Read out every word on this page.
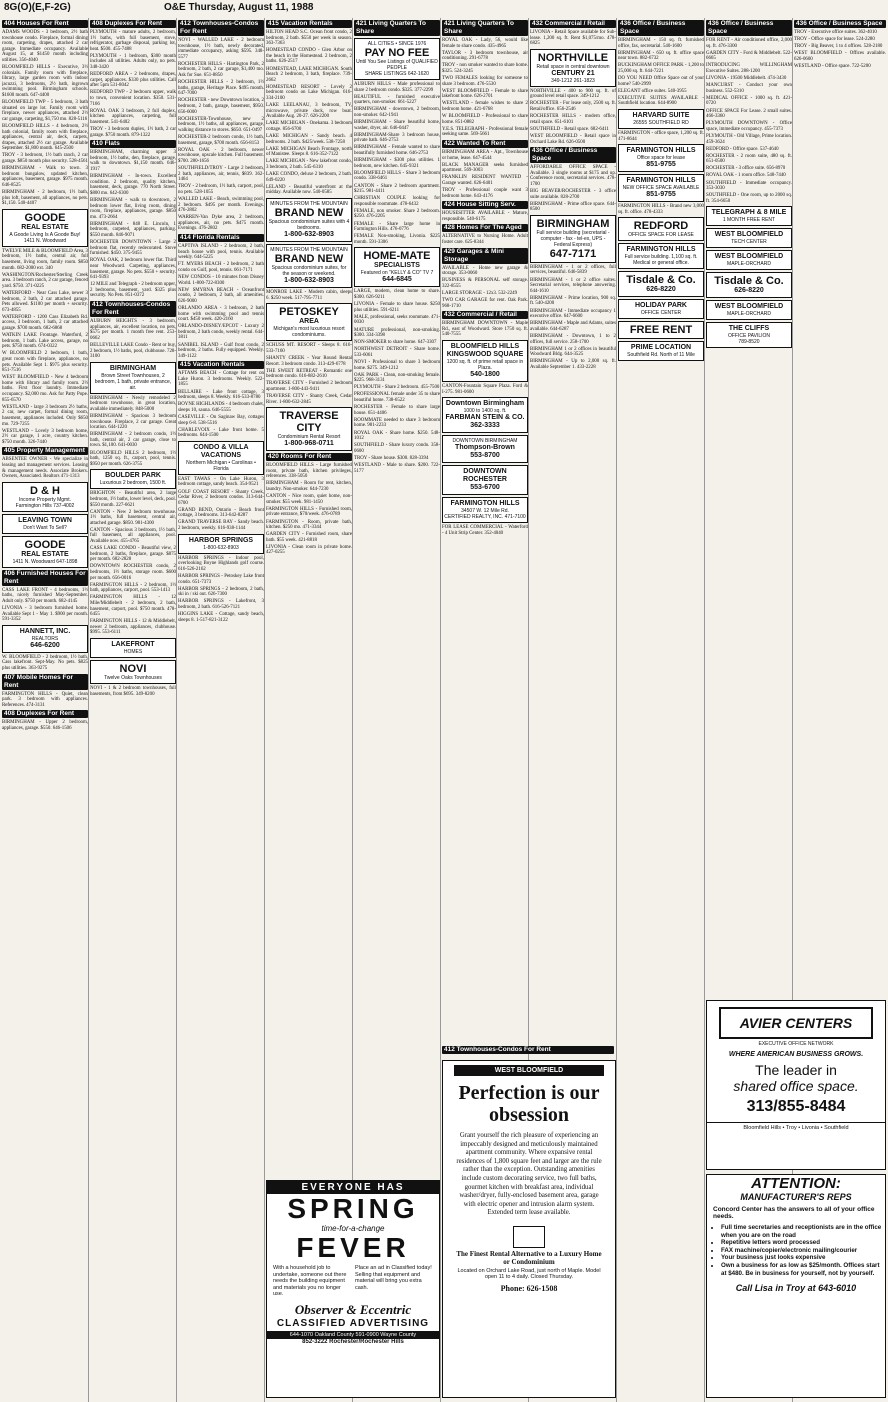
8G(O)(E,F-2G)	O&E Thursday, August 11, 1988
404 Houses For Rent

ADAMS WOODS - 3 bedroom, 2½ bath townhouse condo. Fireplace, formal dining room, carpeting, drapes, attached 2 car garage. Immediate occupancy. Available August 15, at $1450 month including utilities. 356-4040

BLOOMFIELD HILLS - Executive, 3½ colonials. Family room with fireplace, library, large garden room with indoor jacuzzi, 3 bedrooms, 2½ bath, ingrown swimming pool. Birmingham schools. $1600 month. 647-4400

BLOOMFIELD TWP - 5 bedroom, 3 bath situated on large lot. Family room with fireplace, newer appliances, attached 2½ car garage, carpeting, $1,750 mo. 828-5116

BLOOMFIELD HILLS - 4 bedroom, 2½ bath colonial, family room with fireplace, appliances, central air, deck, carpets, drapes, attached 2½ car garage. Available September. $1,800 month. 645-2500

TROY - 3 bedroom, 1½ bath ranch, 2 car garage. $850 month plus security. 528-4561

BIRMINGHAM - Walk to town. 3 bedroom bungalow, updated kitchen, appliances, basement, garage. $975 month. 646-8525

BIRMINGHAM - 2 bedroom, 1½ bath, plus loft, basement, all appliances, no pets. $1,150. 540-4407

GOODE
REAL ESTATE
A Goode Living Is A Goode Buy!
1411 N. Woodward

TWELVE MILE & BLOOMFIELD Area, 3 bedroom, 1½ baths, central air, full basement, living room, family room. $850 month. 682-2000 ext. 340

WASHINGTON/Rochester/Sterling Creek area. 3 bedroom ranch, 2 car garage, fenced yard. $750. 371-0225

WATERFORD - Near Cass Lake, newer 3 bedroom, 2 bath, 2 car attached garage. Pets allowed. $1100 per month + security. 673-4855

WATERFORD - 1200 Cass Elizabeth Rd. access, 3 bedroom, 1 bath, 2 car attached garage. $700 month. 682-6868

WATKIN LAKE Frontage. Waterford, 2 bedroom, 1 bath. Lake access, garage, no pets. $750 month. 674-0322

W BLOOMFIELD 2 bedroom, 1 bath, great room with fireplace, appliances, no pets. Available Sept 1. $975 plus security. 851-7516

WEST BLOOMFIELD - New 4 bedroom home with library and family room. 2½ baths. First floor laundry. Immediate occupancy. $2,000 mo. Ask for Patty Pope. 855-6570

WESTLAND - large 3 bedroom 2½ baths, 2 car, new carpet, formal dining room, basement, appliances included. Only $650 mo. 729-7255

WESTLAND - Lovely 3 bedroom home, 2½ car garage, 1 acre, country kitchen. $750 month. 326-7440

405 Property Management

ABSENTEE OWNER - We specialize in leasing and management services. Leasing & management needs. Associate Brokers. Owners, Associated. Realtors 471-1313

D & H
Income Property Mgmt.
Farmington Hills 737-4002
LEAVING TOWN
Don't Want To Sell?
GOODE
REAL ESTATE
1411 N. Woodward 647-1898
406 Furnished Houses For Rent

CASS LAKE FRONT - 4 bedrooms, 1½ baths, nicely furnished May-September. Adult only. $750 per month. 682-4145

LIVONIA - 3 bedroom furnished home. Available Sept 1 - May 1. $900 per month. 591-3352

HANNETT, INC.
REALTORS
646-6200

W. BLOOMFIELD - 2 bedroom, 1½ bath, Cass lakefront. Sept-May. No pets. $825 plus utilities. 363-9275

407 Mobile Homes For Rent

FARMINGTON HILLS - Quiet, clean park. 3 bedroom with appliances. References. 474-3131

408 Duplexes For Rent

BIRMINGHAM - Upper 2 bedroom, appliances, garage. $550. 646-1506

408 Duplexes For Rent

PLYMOUTH - mature adults, 2 bedroom, 1½ baths, with full basement, stove, refrigerator, garbage disposal, parking lot, heat. $500. 455-7488

PLYMOUTH - 1 bedroom, $300 month includes all utilities. Adults only, no pets. 348-3420

REDFORD AREA - 2 bedrooms, drapes, carpet, appliances. $330 plus utilities. Call after 5pm 531-8042

REDFORD TWP - 2 bedroom upper, walk to town, convenient location. $350. 531-7166

ROYAL OAK 3 bedroom, 2 full duplex, kitchen appliances, carpeting, full basement. 541-6402

TROY - 3 bedroom duplex, 1½ bath, 2 car garage. $750 month. 879-1322

410 Flats

BIRMINGHAM, charming upper 3 bedroom, 1½ baths, den, fireplace, garage, walk to downtown. $1,150 month. 646-1917

BIRMINGHAM - In-town. Excellent condition. 2 bedroom, quality kitchen, basement, deck, garage. 770 North Street. $800 mo. 642-6300

BIRMINGHAM - walk to downtown, 2 bedroom lower flat, living room, dining room, fireplace, appliances, garage. $850 mo. 473-2664

BIRMINGHAM - 848 E. Lincoln, 1 bedroom, carpeted, appliances, parking. $550 month. 846-9071

ROCHESTER DOWNTOWN - Large 2 bedroom flat, recently redecorated. Stove furnished. $450. 375-9455

ROYAL OAK, 2 bedroom lower flat. Third near Woodward. Carpeting, appliances, basement, garage. No pets. $550 + security. 641-9393

12 MILE and Telegraph - 2 bedroom upper, 2 bedrooms, basement, yard. $325 plus security. No Pets. 851-0372

412 Townhouses-Condos For Rent

AUBURN HEIGHTS - 3 bedroom, appliances, air, excellent location, no pets, $575 per month. 1 month free rent. 253-0662

BELLEVILLE LAKE Condo - Rent or buy, 2 bedroom, 1½ baths, pool, clubhouse. 728-3100

BIRMINGHAM
Brown Street Townhouses, 2 bedroom, 1 bath, private entrance, air.

BIRMINGHAM - Newly remodeled 2 bedroom townhouse, in great location, available immediately. 848-5000

BIRMINGHAM - Spacious 3 bedroom townhouse. Fireplace, 2 car garage. Great location. 644-1220

BIRMINGHAM - 2 bedroom condo, 1½ bath, central air, 2 car garage, close to town. $1,100. 641-0030

BLOOMFIELD HILLS 2 bedroom, 1½ bath, 1250 sq. ft., carport, pool, tennis. $950 per month. 626-3755

BOULDER PARK
Luxurious 2 bedroom, 1500 ft.

BRIGHTON - Beautiful area, 2 large bedroom, 1½ baths, lower level, deck, pool. $550 month. 227-6621

CANTON - New 2 bedroom townhouse. 1½ baths, full basement, central air, attached garage. $850. 981-4300

CANTON - Spacious 3 bedroom, 1½ bath, full basement, all appliances, pool. Available now. 455-4765

CASS LAKE CONDO - Beautiful view, 2 bedroom, 2 baths, fireplace, garage. $875 per month. 682-2828

DOWNTOWN ROCHESTER condo, 2 bedrooms, 1½ baths, storage room. $600 per month. 656-0016

FARMINGTON HILLS - 2 bedroom, 1½ bath, appliances, carport, pool. 553-1413

FARMINGTON HILLS - 12 Mile/Middlebelt - 2 bedroom, 2 bath, basement, carport, pool. $750 month. 478-6455

FARMINGTON HILLS - 12 & Middlebelt, newer 2 bedroom, appliances, clubhouse. $995. 553-6111

LAKEFRONT
HOMES
NOVI
Twelve Oaks Townhouses

NOVI - 1 & 2 bedroom townhouses, full basements, from $695. 349-8200

412 Townhouses-Condos For Rent

NOVI - WALLED LAKE - 2 bedroom townhouse, 1½ bath, newly decorated, immediate occupancy, asking $595. 348-5577

ROCHESTER HILLS - Hartington Park, 2 bedroom, 2 bath, 2 car garage, $1,400 mo. Ask for Sue. 651-8850

ROCHESTER HILLS - 2 bedroom, 1½ baths, garage, Heritage Place. $495 month. 647-7000

ROCHESTER - new Downtown location, 2 bedroom, 2 bath, garage, basement, $950. 656-6000

ROCHESTER-Townhouse, new 2 bedroom, 1½ baths, all appliances, garage, walking distance to stores. $650. 651-0497

ROCHESTER-2 bedroom condo, 1½ bath, basement, garage, $700 month. 656-8153

ROYAL OAK - 2 bedroom, newer townhouse, upscale kitchen. Full basement. $700. 280-1656

SOUTHFIELD/TROY - Large 2 bedroom, 2 bath, appliances, air, tennis, $839. 362-1464

TROY - 2 bedroom, 1½ bath, carport, pool, no pets. 528-1055

WALLED LAKE - Beach, swimming pool, 2 bedroom. $495 per month. Evenings. 476-2802

WARREN-Van Dyke area, 2 bedroom, appliances, air, no pets. $475 month. Evenings. 476-2802

414 Florida Rentals

CAPTIVA ISLAND - 2 bedroom, 2 bath, beach house with pool, tennis. Available weekly. 644-5225

FT. MYERS BEACH - 2 bedroom, 2 bath condo on Gulf, pool, tennis. 661-7171

NEW CONDOS - 10 minutes from Disney World. 1-800-722-8300

NEW SMYRNA BEACH - Oceanfront condo, 2 bedroom, 2 bath, all amenities. 626-9000

ORLANDO AREA - 3 bedroom, 2 bath home with swimming pool and tennis court. $450 week. 420-2160

ORLANDO-DISNEY/EPCOT - Luxury 2 bedroom, 2 bath condo, weekly rental. 644-3811

SANIBEL ISLAND - Gulf front condo, 2 bedroom, 2 baths. Fully equipped. Weekly. 349-1122

415 Vacation Rentals

AFTAMS BEACH - Cottage for rent on Lake Huron. 3 bedrooms. Weekly. 522-1855

BELLAIRE - Lake front cottage, 3 bedroom, sleeps 8. Weekly. 616-533-8780

BOYNE HIGHLANDS - 4 bedroom chalet, sleeps 10, sauna. 646-5555

CASEVILLE - On Saginaw Bay, cottages sleep 6-8. 538-5516

CHARLEVOIX - Lake front home. 5 bedrooms. 644-1500

CONDO & VILLA VACATIONS
Northern Michigan • Carolinas • Florida

EAST TAWAS - On Lake Huron, 3 bedroom cottage, sandy beach. 354-9521

GOLF COAST RESORT - Shanty Creek, Cedar River, 2 bedroom condos. 313-644-6700

GRAND BEND, Ontario - Beach front cottage, 3 bedrooms. 313-642-8287

GRAND TRAVERSE BAY - Sandy beach. 2 bedroom, weekly. 616-938-1144

HARBOR SPRINGS
1-800-632-8903

HARBOR SPRINGS - Indoor pool, overlooking Boyne Highlands golf course. 616-526-2162

HARBOR SPRINGS - Petoskey Lake front condo. 651-7373

HARBOR SPRINGS - 2 bedroom, 2 bath, ski in / ski out. 626-7300

HARBOR SPRINGS - Lakefront, 3 bedroom, 2 bath. 616-526-7121

HIGGINS LAKE - Cottage, sandy beach, sleeps 8. 1-517-821-3122

415 Vacation Rentals

HILTON HEAD S.C. Ocean front condo, 2 bedroom, 2 bath. $550 per week in season. 363-7363

HOMESTEAD CONDO - Glen Arbor on the beach in the Homestead. 2 bedroom, 2 baths. 626-2517

HOMESTEAD, LAKE MICHIGAN. South Beach 2 bedroom, 3 bath, fireplace. 739-2662

HOMESTEAD RESORT - Lovely 2 bedroom condo on Lake Michigan. 616-334-2100

LAKE LEELANAU, 3 bedroom, TV, microwave, private dock, row boat. Available Aug. 20-27. 626-2200

LAKE MICHIGAN - Onekama. 3 bedroom cottage. 856-6700

LAKE MICHIGAN - Sandy beach. 4 bedrooms. 2 bath. $425/week. 538-7258

LAKE MICHIGAN Beach Frontage, north of Manistee. Sleeps 8. 616-352-7122

LAKE MICHIGAN - New lakefront condo, 3 bedroom, 2 bath. 545-6310

LAKE CONDO, deluxe 2 bedroom, 2 bath. 649-0220

LELAND - Beautiful waterfront at the midday. Available now. 540-0585

MINUTES FROM THE MOUNTAIN
BRAND NEW
Spacious condominium suites with 4 bedrooms.
1-800-632-8903
MINUTES FROM THE MOUNTAIN
BRAND NEW
Spacious condominium suites, for the season or weekend.
1-800-632-8903

MONROE LAKE - Modern cabin, sleeps 6. $250 week. 517-795-7711

PETOSKEY
AREA
Michigan's most luxurious resort condominiums.

SCHUSS MT. RESORT - Sleeps 8. 616-533-7160

SHANTY CREEK - Year Round Rental Resort. 3 bedroom condo. 313-429-6778

THE SWEET RETREAT - Romantic one bedroom condo. 616-882-2610

TRAVERSE CITY - Furnished 2 bedroom apartment. 1-800-443-9411

TRAVERSE CITY - Shanty Creek, Cedar River. 1-800-632-2845

TRAVERSE CITY
Condominium Rental Resort
1-800-968-0711
420 Rooms For Rent

BLOOMFIELD HILLS - Large furnished room, private bath, kitchen privileges, references. 338-5050

BIRMINGHAM - Room for rent, kitchen, laundry. Non-smoker. 644-7230

CANTON - Nice room, quiet home, non-smoker. $55 week. 981-1450

FARMINGTON HILLS - Furnished room, private entrance, $70/week. 476-0789

FARMINGTON - Room, private bath, kitchen. $250 mo. 471-3344

GARDEN CITY - Furnished room, share bath. $55 week. 421-8818

LIVONIA - Clean room in private home. 427-0255

421 Living Quarters To Share
ALL CITIES • SINCE 1976
PAY NO FEE
Until You See Listings of QUALIFIED PEOPLE
SHARE LISTINGS 642-1620

AUBURN HILLS - Male professional to share 2 bedroom condo. $325. 377-2299

BEAUTIFUL - furnished executive quarters, non-smoker. 661-5227

BIRMINGHAM - downtown, 2 bedroom, non-smoker. 642-1941

BIRMINGHAM - Share beautiful home, washer, dryer, air. 646-0447

BIRMINGHAM-Share 3 bedroom house, private bath. 646-2753

BIRMINGHAM - Female wanted to share beautifully furnished home. 646-2753

BIRMINGHAM - $300 plus utilities. 1 bedroom, new kitchen. 645-9321

BLOOMFIELD HILLS - Share 3 bedroom condo. 338-6461

CANTON - Share 2 bedroom apartment. $215. 981-4411

CHRISTIAN COUPLE looking for responsible roommate. 478-6432

FEMALE, non smoker. Share 2 bedroom. $250. 476-2205

FEMALE - Share large home in Farmington Hills. 476-0776

FEMALE Non-smoking, Livonia. $225 month. 591-3306

HOME-MATE
SPECIALISTS
Featured on "KELLY & CO" TV 7
644-6845

LARGE, modern, clean home to share. $300. 626-9211

LIVONIA - Female to share house. $250 plus utilities. 591-6211

MALE, professional, seeks roommate. 471-0030

MATURE professional, non-smoking. $300. 334-3398

NON-SMOKER to share home. 647-3307

NORTHWEST DETROIT - Share home. 533-6061

NOVI - Professional to share 3 bedroom home. $275. 349-1212

OAK PARK - Clean, non-smoking female. $225. 968-3131

PLYMOUTH - Share 2 bedroom. 455-7500

PROFESSIONAL female under 35 to share beautiful home. 738-6522

ROCHESTER - Female to share large house. 651-4406

ROOMMATE needed to share 3 bedroom home. 981-2233

ROYAL OAK - Share home. $250. 548-1012

SOUTHFIELD - Share luxury condo. 358-0600

TROY - Share house. $300. 828-3394

WESTLAND - Male to share. $200. 722-5177

421 Living Quarters To Share

ROYAL OAK - Lady, 56, would like female to share condo. 435-4965

TAYLOR - 3 bedroom townhouse, air conditioning. 291-6778

TROY - non smoker wanted to share home. $325. 524-3245

TWO FEMALES looking for someone to share 3 bedroom. 476-5530

WEST BLOOMFIELD - Female to share lakefront home. 626-2701

WESTLAND - female wishes to share 2 bedroom home. 421-6768

W BLOOMFIELD - Professional to share home. 851-0882

Y.E.S. TELEGRAPH - Professional female seeking same. 569-5661

422 Wanted To Rent

BIRMINGHAM AREA - Apt., Townhouse or home, lease. 647-4544

BLACK MANAGER seeks furnished apartment. 569-3003

FRANKLIN RESIDENT WANTED - Garage wanted. 626-6401

TROY - Professional couple want 3 bedroom home. 643-4176

424 House Sitting Serv.

HOUSESITTER AVAILABLE - Mature, responsible. 540-6175

428 Homes For The Aged

ALTERNATIVE to Nursing Home. Adult foster care. 625-8344

429 Garages & Mini Storage

AVAILABLE - Home new garage & storage. 353-0060

BUSINESS & PERSONAL self storage. 322-8555

LARGE STORAGE - 12x3. 532-2249

TWO CAR GARAGE for rent. Oak Park. 968-1710

432 Commercial / Retail

BIRMINGHAM DOWNTOWN - Maple Rd., east of Woodward. Store 1750 sq. ft. 540-7555

BLOOMFIELD HILLS
KINGSWOOD SQUARE
1200 sq. ft. of prime retail space in Plaza.
540-1800

CANTON-Fountain Square Plaza. Ford & I-275. 981-0600

Downtown Birmingham
1000 to 1400 sq. ft.
FARBMAN STEIN & CO.
362-3333
DOWNTOWN BIRMINGHAM
Thompson-Brown
553-8700
DOWNTOWN ROCHESTER
553-6700
FARMINGTON HILLS
34507 W. 12 Mile Rd.
CERTIFIED REALTY, INC. 471-7100

FOR LEASE COMMERCIAL - Waterford - 4 Unit Strip Center. 352-4040

432 Commercial / Retail

LIVONIA - Retail Space available for Sub-lease. 1,200 sq. ft. Rent $1,075/mo. 478-6825

NORTHVILLE
Retail space in central downtown
CENTURY 21
349-1212 261-1823

NORTHVILLE - 400 to 900 sq. ft. of ground level retail space. 349-1212

ROCHESTER - For lease only, 2500 sq. ft. Retail/office. 656-2546

ROCHESTER HILLS - modern office, retail space. 651-6101

SOUTHFIELD - Retail space. 682-6411

WEST BLOOMFIELD - Retail space in Orchard Lake Rd. 626-0500

436 Office / Business Space

AFFORDABLE OFFICE SPACE - Available. 3 single rooms at $175 and up. Conference room, secretarial services. 478-1700

BIG BEAVER/ROCHESTER - 3 office suite available. 828-2700

BIRMINGHAM - Prime office space. 644-8500

BIRMINGHAM
Full service building (secretarial - computer - fax - tel-ex, UPS - Federal Express)
647-7171

BIRMINGHAM - 1 or 2 offices, full services, beautiful. 646-5839

BIRMINGHAM - 1 or 2 office suites. Secretarial services, telephone answering. 644-1610

BIRMINGHAM - Prime location, 900 sq. ft. 540-4200

BIRMINGHAM - Immediate occupancy 1 executive office. 647-6600

BIRMINGHAM - Maple and Adams, suites available. 644-6287

BIRMINGHAM - Downtown, 1 to 2 offices, full service. 258-1700

BIRMINGHAM 1 or 2 offices in beautiful Woodward Bldg. 644-3525

BIRMINGHAM - Up to 2,000 sq. ft. Available September 1. 433-2228

436 Office / Business Space

BIRMINGHAM - 150 sq. ft. furnished office, fax, secretarial. 540-1600

BIRMINGHAM - 650 sq. ft. office space near town. 882-6732

BUCKINGHAM OFFICE PARK - 1,200 to 25,000 sq. ft. 644-7221

DO YOU NEED Office Space out of your home? 540-2999

ELEGANT office suites. 540-3955

EXECUTIVE SUITES AVAILABLE - Southfield location. 644-8900

HARVARD SUITE
26555 SOUTHFIELD RD

FARMINGTON - office space, 1,200 sq. ft. 471-8644

FARMINGTON HILLS
Office space for lease
851-9755
FARMINGTON HILLS
NEW OFFICE SPACE AVAILABLE
851-9755

FARMINGTON HILLS - Brand new 3,000 sq. ft. office. 478-4333

REDFORD
OFFICE SPACE FOR LEASE
FARMINGTON HILLS
Full service building. 1,100 sq. ft. Medical or general office.
Tisdale & Co.
626-8220
HOLIDAY PARK
OFFICE CENTER
FREE RENT
PRIME LOCATION
Southfield Rd. North of 11 Mile
436 Office / Business Space

FOR RENT - Air conditioned office, 2,000 sq. ft. 476-3300

GARDEN CITY - Ford & Middlebelt. 522-6665

INTRODUCING WILLINGHAM Executive Suites. 288-1200

LIVONIA - 19500 Middlebelt. 474-3430

MANCURST - Conduct your own business. 552-5310

MEDICAL OFFICE - 1000 sq. ft. 421-0720

OFFICE SPACE For Lease. 2 small suites. 466-3360

PLYMOUTH DOWNTOWN - Office space, immediate occupancy. 455-7373

PLYMOUTH - Old Village, Prime location. 459-3624

REDFORD - Office space. 537-4640

ROCHESTER - 2 room suite, 480 sq. ft. 651-0500

ROCHESTER - 3 office suite. 656-8970

ROYAL OAK - 1 room office. 548-7440

SOUTHFIELD - Immediate occupancy. 353-3030

SOUTHFIELD - One room, up to 2000 sq. ft. 354-6650

TELEGRAPH & 8 MILE
1 MONTH FREE RENT
WEST BLOOMFIELD
TECH CENTER
WEST BLOOMFIELD
MAPLE-ORCHARD
Tisdale & Co.
626-8220
WEST BLOOMFIELD
MAPLE-ORCHARD
THE CLIFFS
OFFICE PAVILION
789-8520
436 Office / Business Space

TROY - Executive office suites. 362-4010

TROY - Office space for lease. 524-2280

TROY - Big Beaver, 1 to 4 offices. 528-2180

WEST BLOOMFIELD - Offices available. 626-0600

WESTLAND - Office space. 722-5200

WEST BLOOMFIELD
Perfection is our obsession
Grant yourself the rich pleasure of experiencing an impeccably designed and meticulously maintained apartment community. Where expansive rental residences of 1,800 square feet and larger are the rule rather than the exception. Outstanding amenities include custom decorating service, two full baths, gourmet kitchen with breakfast area, individual washer/dryer, fully-enclosed basement area, garage with electric opener and intrusion alarm system. Extended term lease available.
The Finest Rental Alternative to a Luxury Home or Condominium
Located on Orchard Lake Road, just north of Maple. Model open 11 to 4 daily. Closed Thursday.
Phone: 626-1508
EVERYONE HAS
SPRING
time-for-a-change
FEVER
With a household job to undertake, someone out there needs the building equipment and materials you no longer use.
Place an ad in Classified today! Selling that equipment and material will bring you extra cash.
Observer & Eccentric
CLASSIFIED ADVERTISING
644-1070 Oakland County 591-0900 Wayne County
852-3222 Rochester/Rochester Hills
AVIER CENTERS
EXECUTIVE OFFICE NETWORK
WHERE AMERICAN BUSINESS GROWS.
The leader in
shared office space.
313/855-8484
Bloomfield Hills • Troy • Livonia • Southfield
ATTENTION:
MANUFACTURER'S REPS
Concord Center has the answers to all of your office needs.
• Full time secretaries and receptionists are in the office when you are on the road
• Repetitive letters word processed
• FAX machine/copier/electronic mailing/courier
• Your business just looks expensive
• Own a business for as low as $25/month. Offices start at $480. Be in business for yourself, not by yourself.
Call Lisa in Troy at 643-6010
412 Townhouses-Condos For Rent
